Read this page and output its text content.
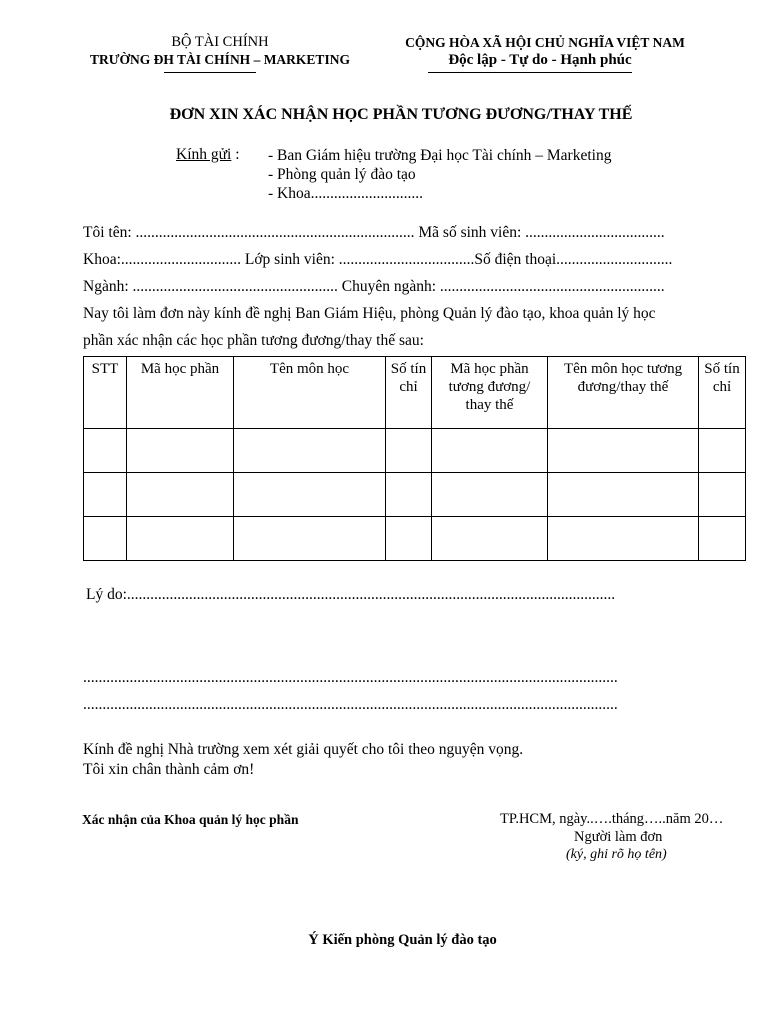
BỘ TÀI CHÍNH
TRƯỜNG ĐH TÀI CHÍNH – MARKETING
CỘNG HÒA XÃ HỘI CHỦ NGHĨA VIỆT NAM
Độc lập - Tự do - Hạnh phúc
ĐƠN XIN XÁC NHẬN HỌC PHẦN TƯƠNG ĐƯƠNG/THAY THẾ
Kính gửi : - Ban Giám hiệu trường Đại học Tài chính – Marketing
- Phòng quản lý đào tạo
- Khoa.............................
Tôi tên: ........................................................................ Mã số sinh viên: ....................................
Khoa:............................... Lớp sinh viên: ...................................Số điện thoại..............................
Ngành: ..................................................... Chuyên ngành: ..........................................................
Nay tôi làm đơn này kính đề nghị Ban Giám Hiệu, phòng Quản lý đào tạo, khoa quản lý học
phần xác nhận các học phần tương đương/thay thế sau:
STT	Mã học phần	Tên môn học	Số tín chỉ	Mã học phần tương đương/ thay thế	Tên môn học tương đương/thay thế	Số tín chỉ

Lý do:..............................................................................................................................
..........................................................................................................................................
..........................................................................................................................................
Kính đề nghị Nhà trường xem xét giải quyết cho tôi theo nguyện vọng.
Tôi xin chân thành cảm ơn!
Xác nhận của Khoa quản lý học phần	TP.HCM, ngày..….tháng…..năm 20…
Người làm đơn
(ký, ghi rõ họ tên)
Ý Kiến phòng Quản lý đào tạo
